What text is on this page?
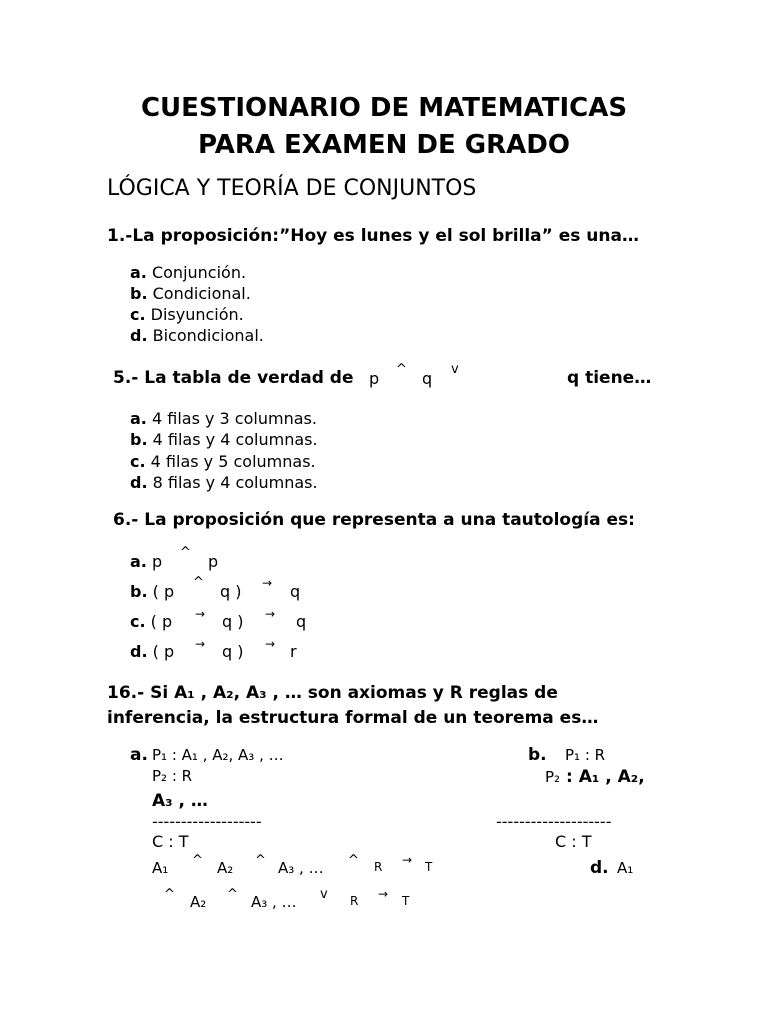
CUESTIONARIO DE MATEMATICAS
PARA EXAMEN DE GRADO
LÓGICA Y TEORÍA DE CONJUNTOS
1.-La proposición:”Hoy es lunes y el sol brilla” es una…
a. Conjunción.
b. Condicional.
c. Disyunción.
d. Bicondicional.
5.- La tabla de verdad de p ^ q v	q tiene…
a. 4 filas y 3 columnas.
b. 4 filas y 4 columnas.
c. 4 filas y 5 columnas.
d. 8 filas y 4 columnas.
6.- La proposición que representa a una tautología es:
a. p ^ p
b. ( p ^ q ) → q
c. ( p → q ) → q
d. ( p → q ) → r
16.- Si A₁ , A₂, A₃ , … son axiomas y R reglas de
inferencia, la estructura formal de un teorema es…
a. P₁ : A₁ , A₂, A₃ , …
P₂ : R
-------------------
C : T
A₁ ^ A₂ ^ A₃ , … ^ R → T
b. P₁ : R
P₂ : A₁ , A₂,
A₃ , …
--------------------
C : T
d. A₁
^ A₂ ^ A₃ , … v R → T
